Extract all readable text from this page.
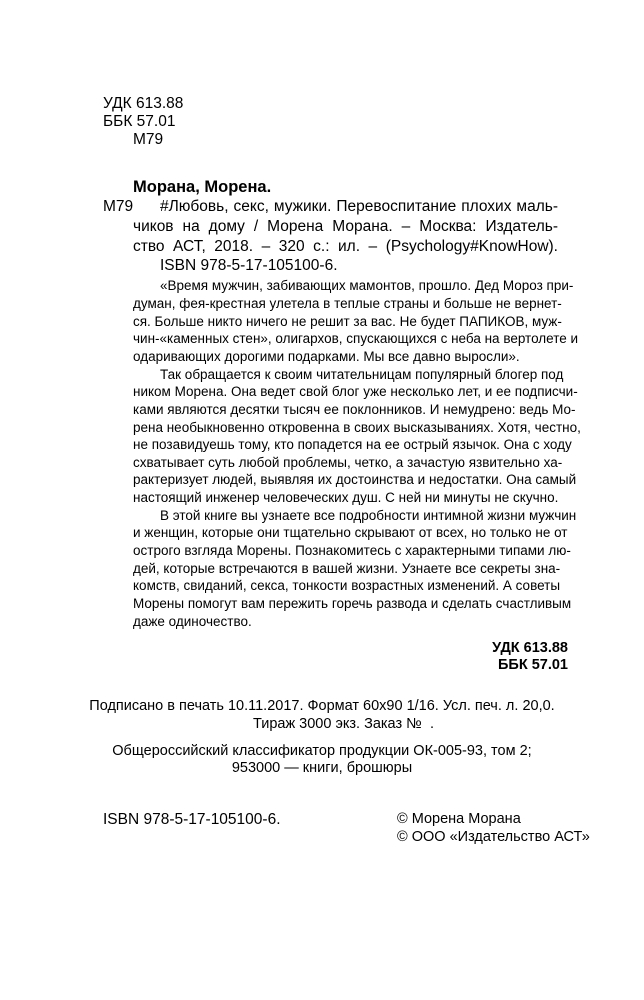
УДК 613.88
ББК 57.01
М79
Морана, Морена.
М79 #Любовь, секс, мужики. Перевоспитание плохих маль-
чиков на дому / Морена Морана. – Москва: Издатель-
ство АСТ, 2018. – 320 с.: ил. – (Psychology#KnowHow).
ISBN 978-5-17-105100-6.
«Время мужчин, забивающих мамонтов, прошло. Дед Мороз при-
думан, фея-крестная улетела в теплые страны и больше не вернет-
ся. Больше никто ничего не решит за вас. Не будет ПАПИКОВ, муж-
чин-«каменных стен», олигархов, спускающихся с неба на вертолете и
одаривающих дорогими подарками. Мы все давно выросли».
Так обращается к своим читательницам популярный блогер под
ником Морена. Она ведет свой блог уже несколько лет, и ее подписчи-
ками являются десятки тысяч ее поклонников. И немудрено: ведь Мо-
рена необыкновенно откровенна в своих высказываниях. Хотя, честно,
не позавидуешь тому, кто попадется на ее острый язычок. Она с ходу
схватывает суть любой проблемы, четко, а зачастую язвительно ха-
рактеризует людей, выявляя их достоинства и недостатки. Она самый
настоящий инженер человеческих душ. С ней ни минуты не скучно.
В этой книге вы узнаете все подробности интимной жизни мужчин
и женщин, которые они тщательно скрывают от всех, но только не от
острого взгляда Морены. Познакомитесь с характерными типами лю-
дей, которые встречаются в вашей жизни. Узнаете все секреты зна-
комств, свиданий, секса, тонкости возрастных изменений. А советы
Морены помогут вам пережить горечь развода и сделать счастливым
даже одиночество.
УДК 613.88
ББК 57.01
Подписано в печать 10.11.2017. Формат 60х90 1/16. Усл. печ. л. 20,0.
Тираж 3000 экз. Заказ № .
Общероссийский классификатор продукции ОК-005-93, том 2;
953000 — книги, брошюры
ISBN 978-5-17-105100-6.	© Морена Морана
© ООО «Издательство АСТ»
